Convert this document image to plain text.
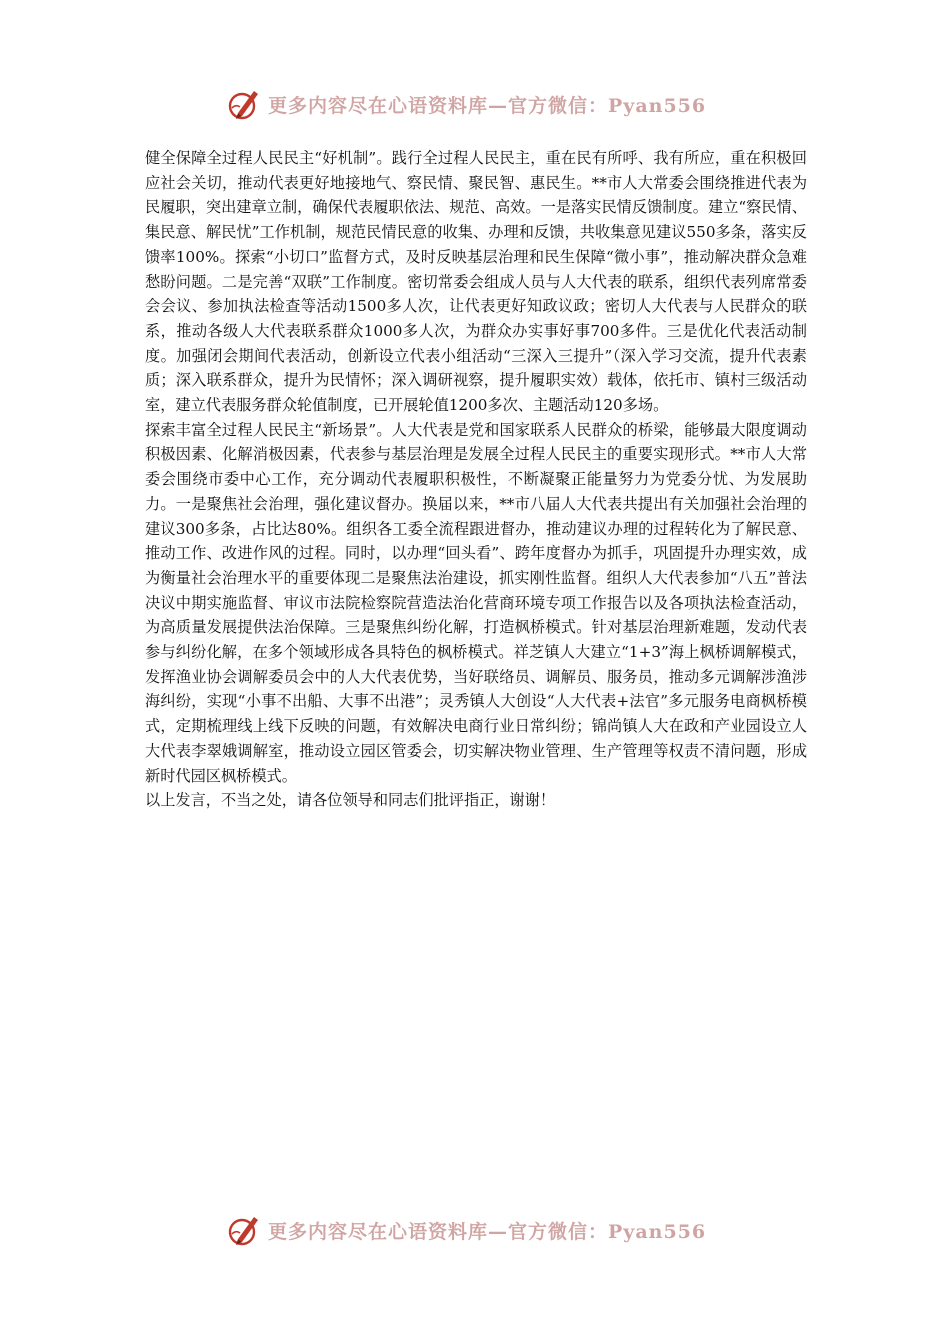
更多内容尽在心语资料库—官方微信：Pyan556

健全保障全过程人民民主“好机制”。践行全过程人民民主，重在民有所呼、我有所应，重在积极回应社会关切，推动代表更好地接地气、察民情、聚民智、惠民生。**市人大常委会围绕推进代表为民履职，突出建章立制，确保代表履职依法、规范、高效。一是落实民情反馈制度。建立“察民情、集民意、解民忧”工作机制，规范民情民意的收集、办理和反馈，共收集意见建议550多条，落实反馈率100%。探索“小切口”监督方式，及时反映基层治理和民生保障“微小事”，推动解决群众急难愁盼问题。二是完善“双联”工作制度。密切常委会组成人员与人大代表的联系，组织代表列席常委会会议、参加执法检查等活动1500多人次，让代表更好知政议政；密切人大代表与人民群众的联系，推动各级人大代表联系群众1000多人次，为群众办实事好事700多件。三是优化代表活动制度。加强闭会期间代表活动，创新设立代表小组活动“三深入三提升”（深入学习交流，提升代表素质；深入联系群众，提升为民情怀；深入调研视察，提升履职实效）载体，依托市、镇村三级活动室，建立代表服务群众轮值制度，已开展轮值1200多次、主题活动120多场。

探索丰富全过程人民民主“新场景”。人大代表是党和国家联系人民群众的桥梁，能够最大限度调动积极因素、化解消极因素，代表参与基层治理是发展全过程人民民主的重要实现形式。**市人大常委会围绕市委中心工作，充分调动代表履职积极性，不断凝聚正能量努力为党委分忧、为发展助力。一是聚焦社会治理，强化建议督办。换届以来，**市八届人大代表共提出有关加强社会治理的建议300多条，占比达80%。组织各工委全流程跟进督办，推动建议办理的过程转化为了解民意、推动工作、改进作风的过程。同时，以办理“回头看”、跨年度督办为抓手，巩固提升办理实效，成为衡量社会治理水平的重要体现二是聚焦法治建设，抓实刚性监督。组织人大代表参加“八五”普法决议中期实施监督、审议市法院检察院营造法治化营商环境专项工作报告以及各项执法检查活动，为高质量发展提供法治保障。三是聚焦纠纷化解，打造枫桥模式。针对基层治理新难题，发动代表参与纠纷化解，在多个领域形成各具特色的枫桥模式。祥芝镇人大建立“1+3”海上枫桥调解模式，发挥渔业协会调解委员会中的人大代表优势，当好联络员、调解员、服务员，推动多元调解涉渔涉海纠纷，实现“小事不出船、大事不出港”；灵秀镇人大创设“人大代表+法官”多元服务电商枫桥模式，定期梳理线上线下反映的问题，有效解决电商行业日常纠纷；锦尚镇人大在政和产业园设立人大代表李翠娥调解室，推动设立园区管委会，切实解决物业管理、生产管理等权责不清问题，形成新时代园区枫桥模式。

以上发言，不当之处，请各位领导和同志们批评指正，谢谢！

更多内容尽在心语资料库—官方微信：Pyan556
